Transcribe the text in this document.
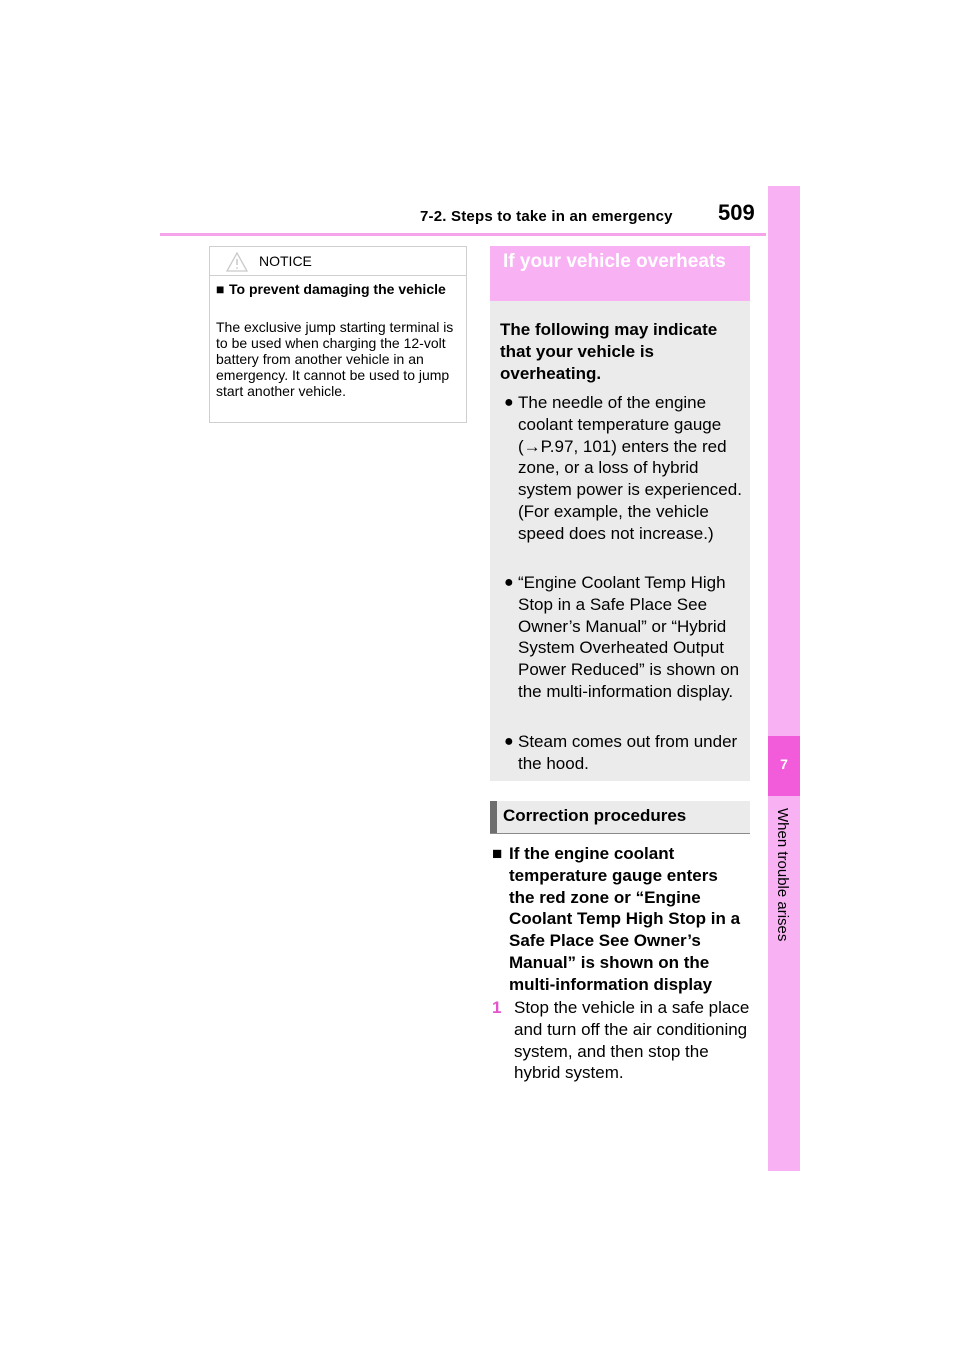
7-2. Steps to take in an emergency 509
7
When trouble arises
NOTICE
■ To prevent damaging the vehicle
The exclusive jump starting terminal is to be used when charging the 12-volt battery from another vehicle in an emergency. It cannot be used to jump start another vehicle.
If your vehicle overheats
The following may indicate that your vehicle is overheating.
● The needle of the engine coolant temperature gauge (→P.97, 101) enters the red zone, or a loss of hybrid system power is experienced. (For example, the vehicle speed does not increase.)
● “Engine Coolant Temp High Stop in a Safe Place See Owner’s Manual” or “Hybrid System Overheated Output Power Reduced” is shown on the multi-information display.
● Steam comes out from under the hood.
Correction procedures
■ If the engine coolant temperature gauge enters the red zone or “Engine Coolant Temp High Stop in a Safe Place See Owner’s Manual” is shown on the multi-information display
1 Stop the vehicle in a safe place and turn off the air conditioning system, and then stop the hybrid system.
